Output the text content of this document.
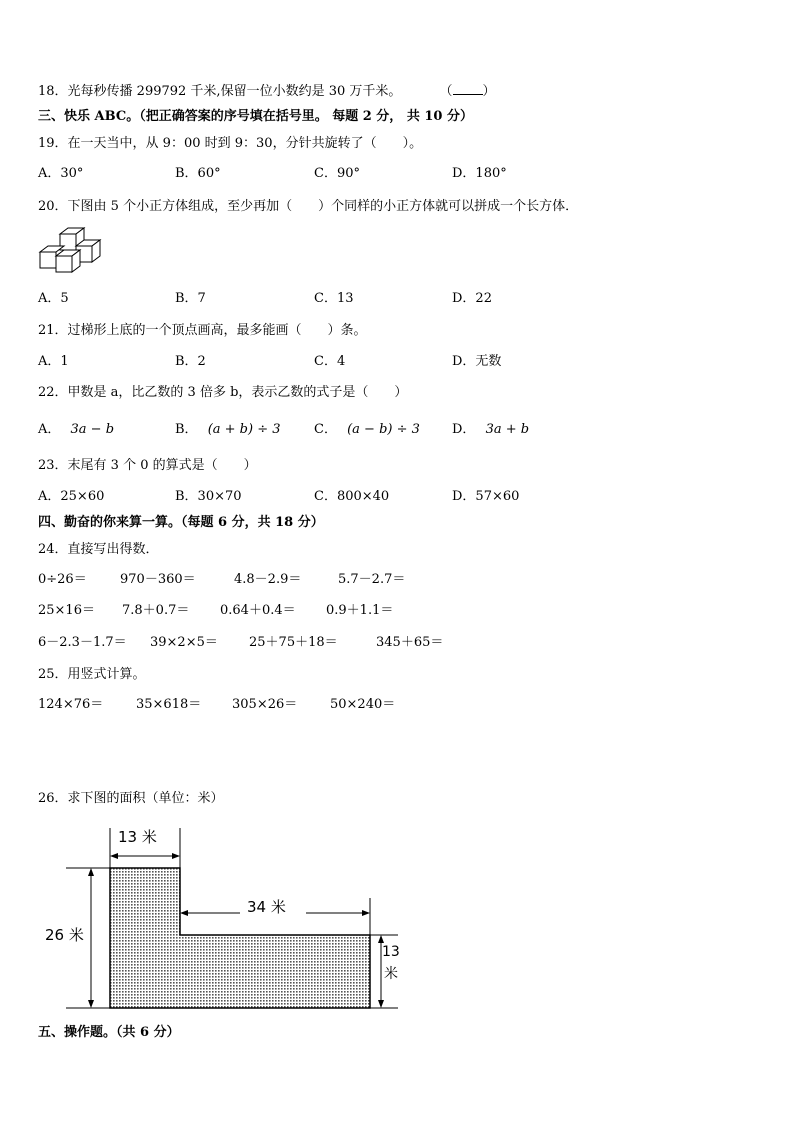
18．光每秒传播 299792 千米,保留一位小数约是 30 万千米。	（ ）
三、快乐 ABC。（把正确答案的序号填在括号里。 每题 2 分， 共 10 分）
19．在一天当中，从 9：00 时到 9：30，分针共旋转了（　　）。
A．30°	B．60°	C．90°	D．180°
20．下图由 5 个小正方体组成，至少再加（　　）个同样的小正方体就可以拼成一个长方体．
A．5	B．7	C．13	D．22
21．过梯形上底的一个顶点画高，最多能画（　　）条。
A．1	B．2	C．4	D．无数
22．甲数是 a，比乙数的 3 倍多 b，表示乙数的式子是（　　）
A． 3a − b	B． (a + b) ÷ 3	C． (a − b) ÷ 3 D． 3a + b
23．末尾有 3 个 0 的算式是（　　）
A．25×60	B．30×70	C．800×40	D．57×60
四、勤奋的你来算一算。（每题 6 分，共 18 分）
24．直接写出得数．
0÷26＝	970－360＝	4.8－2.9＝	5.7－2.7＝
25×16＝ 7.8＋0.7＝ 0.64＋0.4＝ 0.9＋1.1＝
6－2.3－1.7＝ 39×2×5＝ 25＋75＋18＝	345＋65＝
25．用竖式计算。
124×76＝	35×618＝ 305×26＝	50×240＝
26．求下图的面积（单位：米）
13 米
34 米
26 米
13
米
五、操作题。（共 6 分）
